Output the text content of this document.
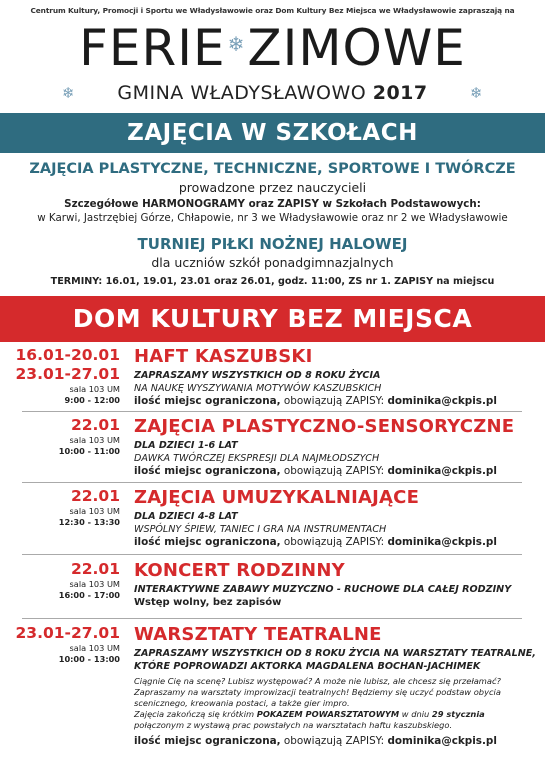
Centrum Kultury, Promocji i Sportu we Władysławowie oraz Dom Kultury Bez Miejsca we Władysławowie zapraszają na
FERIE ❄ZIMOWE
❄	GMINA WŁADYSŁAWOWO 2017	❄
ZAJĘCIA W SZKOŁACH
ZAJĘCIA PLASTYCZNE, TECHNICZNE, SPORTOWE I TWÓRCZE
prowadzone przez nauczycieli
Szczegółowe HARMONOGRAMY oraz ZAPISY w Szkołach Podstawowych:
w Karwi, Jastrzębiej Górze, Chłapowie, nr 3 we Władysławowie oraz nr 2 we Władysławowie
TURNIEJ PIŁKI NOŻNEJ HALOWEJ
dla uczniów szkół ponadgimnazjalnych
TERMINY: 16.01, 19.01, 23.01 oraz 26.01, godz. 11:00, ZS nr 1. ZAPISY na miejscu
DOM KULTURY BEZ MIEJSCA
16.01-20.01
23.01-27.01
sala 103 UM
9:00 - 12:00
HAFT KASZUBSKI
ZAPRASZAMY WSZYSTKICH OD 8 ROKU ŻYCIA
NA NAUKĘ WYSZYWANIA MOTYWÓW KASZUBSKICH
ilość miejsc ograniczona, obowiązują ZAPISY: dominika@ckpis.pl
22.01
sala 103 UM
10:00 - 11:00
ZAJĘCIA PLASTYCZNO-SENSORYCZNE
DLA DZIECI 1-6 LAT
DAWKA TWÓRCZEJ EKSPRESJI DLA NAJMŁODSZYCH
ilość miejsc ograniczona, obowiązują ZAPISY: dominika@ckpis.pl
22.01
sala 103 UM
12:30 - 13:30
ZAJĘCIA UMUZYKALNIAJĄCE
DLA DZIECI 4-8 LAT
WSPÓLNY ŚPIEW, TANIEC I GRA NA INSTRUMENTACH
ilość miejsc ograniczona, obowiązują ZAPISY: dominika@ckpis.pl
22.01
sala 103 UM
16:00 - 17:00
KONCERT RODZINNY
INTERAKTYWNE ZABAWY MUZYCZNO - RUCHOWE DLA CAŁEJ RODZINY
Wstęp wolny, bez zapisów
23.01-27.01
sala 103 UM
10:00 - 13:00
WARSZTATY TEATRALNE
ZAPRASZAMY WSZYSTKICH OD 8 ROKU ŻYCIA NA WARSZTATY TEATRALNE,
KTÓRE POPROWADZI AKTORKA MAGDALENA BOCHAN-JACHIMEK
Ciągnie Cię na scenę? Lubisz występować? A może nie lubisz, ale chcesz się przełamać?
Zapraszamy na warsztaty improwizacji teatralnych! Będziemy się uczyć podstaw obycia
scenicznego, kreowania postaci, a także gier impro.
Zajęcia zakończą się krótkim POKAZEM POWARSZTATOWYM w dniu 29 stycznia
połączonym z wystawą prac powstałych na warsztatach haftu kaszubskiego.
ilość miejsc ograniczona, obowiązują ZAPISY: dominika@ckpis.pl
